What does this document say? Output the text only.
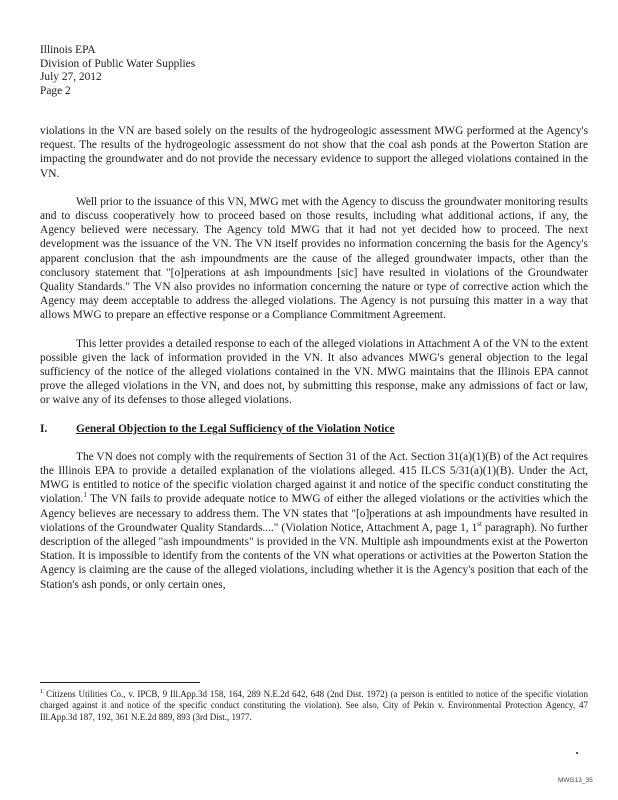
Illinois EPA
Division of Public Water Supplies
July 27, 2012
Page 2

violations in the VN are based solely on the results of the hydrogeologic assessment MWG performed at the Agency's request. The results of the hydrogeologic assessment do not show that the coal ash ponds at the Powerton Station are impacting the groundwater and do not provide the necessary evidence to support the alleged violations contained in the VN.

Well prior to the issuance of this VN, MWG met with the Agency to discuss the groundwater monitoring results and to discuss cooperatively how to proceed based on those results, including what additional actions, if any, the Agency believed were necessary. The Agency told MWG that it had not yet decided how to proceed. The next development was the issuance of the VN. The VN itself provides no information concerning the basis for the Agency's apparent conclusion that the ash impoundments are the cause of the alleged groundwater impacts, other than the conclusory statement that "[o]perations at ash impoundments [sic] have resulted in violations of the Groundwater Quality Standards." The VN also provides no information concerning the nature or type of corrective action which the Agency may deem acceptable to address the alleged violations. The Agency is not pursuing this matter in a way that allows MWG to prepare an effective response or a Compliance Commitment Agreement.

This letter provides a detailed response to each of the alleged violations in Attachment A of the VN to the extent possible given the lack of information provided in the VN. It also advances MWG's general objection to the legal sufficiency of the notice of the alleged violations contained in the VN. MWG maintains that the Illinois EPA cannot prove the alleged violations in the VN, and does not, by submitting this response, make any admissions of fact or law, or waive any of its defenses to those alleged violations.

I.	General Objection to the Legal Sufficiency of the Violation Notice

The VN does not comply with the requirements of Section 31 of the Act. Section 31(a)(1)(B) of the Act requires the Illinois EPA to provide a detailed explanation of the violations alleged. 415 ILCS 5/31(a)(1)(B). Under the Act, MWG is entitled to notice of the specific violation charged against it and notice of the specific conduct constituting the violation.$^1$ The VN fails to provide adequate notice to MWG of either the alleged violations or the activities which the Agency believes are necessary to address them. The VN states that "[o]perations at ash impoundments have resulted in violations of the Groundwater Quality Standards...." (Violation Notice, Attachment A, page 1, 1st paragraph). No further description of the alleged "ash impoundments" is provided in the VN. Multiple ash impoundments exist at the Powerton Station. It is impossible to identify from the contents of the VN what operations or activities at the Powerton Station the Agency is claiming are the cause of the alleged violations, including whether it is the Agency's position that each of the Station's ash ponds, or only certain ones,

$^1$ Citizens Utilities Co., v. IPCB, 9 Ill.App.3d 158, 164, 289 N.E.2d 642, 648 (2nd Dist. 1972) (a person is entitled to notice of the specific violation charged against it and notice of the specific conduct constituting the violation). See also, City of Pekin v. Environmental Protection Agency, 47 Ill.App.3d 187, 192, 361 N.E.2d 889, 893 (3rd Dist., 1977.
MWG13_35
